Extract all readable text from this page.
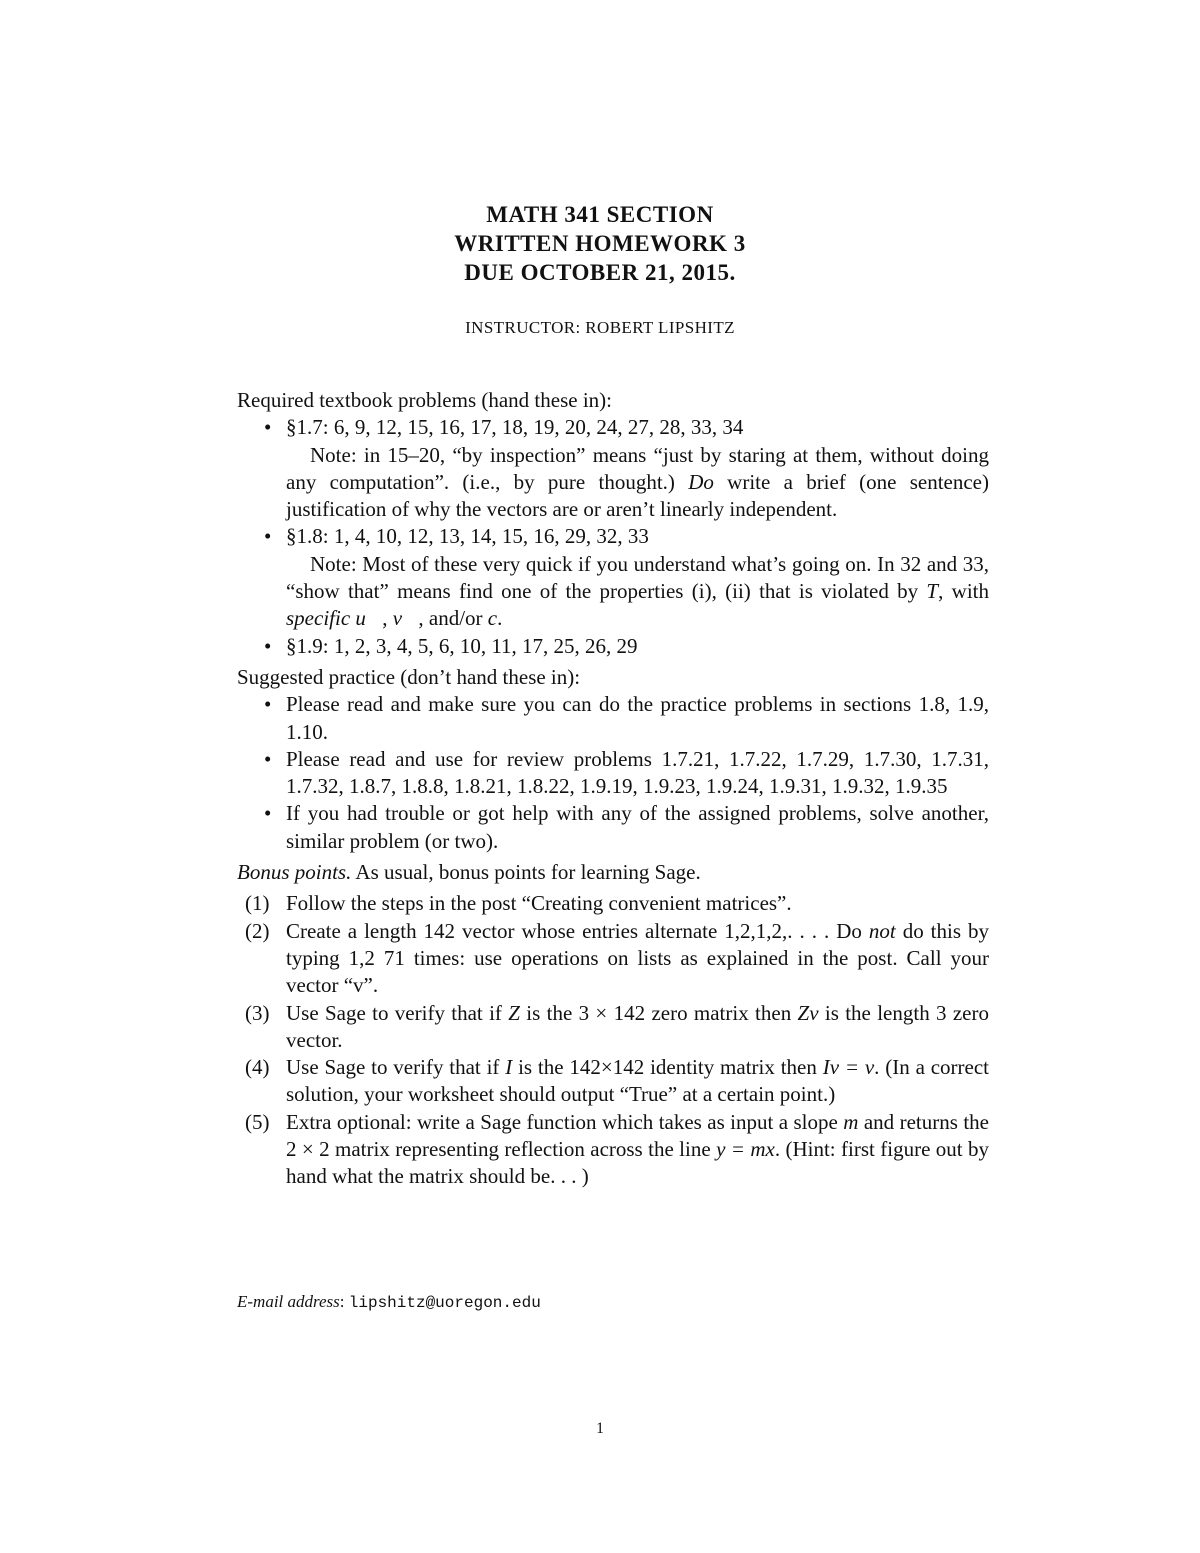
MATH 341 SECTION
WRITTEN HOMEWORK 3
DUE OCTOBER 21, 2015.
INSTRUCTOR: ROBERT LIPSHITZ

Required textbook problems (hand these in):

• §1.7: 6, 9, 12, 15, 16, 17, 18, 19, 20, 24, 27, 28, 33, 34
Note: in 15–20, “by inspection” means “just by staring at them, without doing any computation”. (i.e., by pure thought.) Do write a brief (one sentence) justification of why the vectors are or aren’t linearly independent.
• §1.8: 1, 4, 10, 12, 13, 14, 15, 16, 29, 32, 33
Note: Most of these very quick if you understand what’s going on. In 32 and 33, “show that” means find one of the properties (i), (ii) that is violated by T, with specific u⃗, v⃗, and/or c.
• §1.9: 1, 2, 3, 4, 5, 6, 10, 11, 17, 25, 26, 29

Suggested practice (don’t hand these in):

• Please read and make sure you can do the practice problems in sections 1.8, 1.9, 1.10.
• Please read and use for review problems 1.7.21, 1.7.22, 1.7.29, 1.7.30, 1.7.31, 1.7.32, 1.8.7, 1.8.8, 1.8.21, 1.8.22, 1.9.19, 1.9.23, 1.9.24, 1.9.31, 1.9.32, 1.9.35
• If you had trouble or got help with any of the assigned problems, solve another, similar problem (or two).

Bonus points. As usual, bonus points for learning Sage.

(1) Follow the steps in the post “Creating convenient matrices”.
(2) Create a length 142 vector whose entries alternate 1,2,1,2,. . . . Do not do this by typing 1,2 71 times: use operations on lists as explained in the post. Call your vector “v”.
(3) Use Sage to verify that if Z is the 3 × 142 zero matrix then Zv is the length 3 zero vector.
(4) Use Sage to verify that if I is the 142×142 identity matrix then Iv = v. (In a correct solution, your worksheet should output “True” at a certain point.)
(5) Extra optional: write a Sage function which takes as input a slope m and returns the 2 × 2 matrix representing reflection across the line y = mx. (Hint: first figure out by hand what the matrix should be. . . )
E-mail address: lipshitz@uoregon.edu
1
